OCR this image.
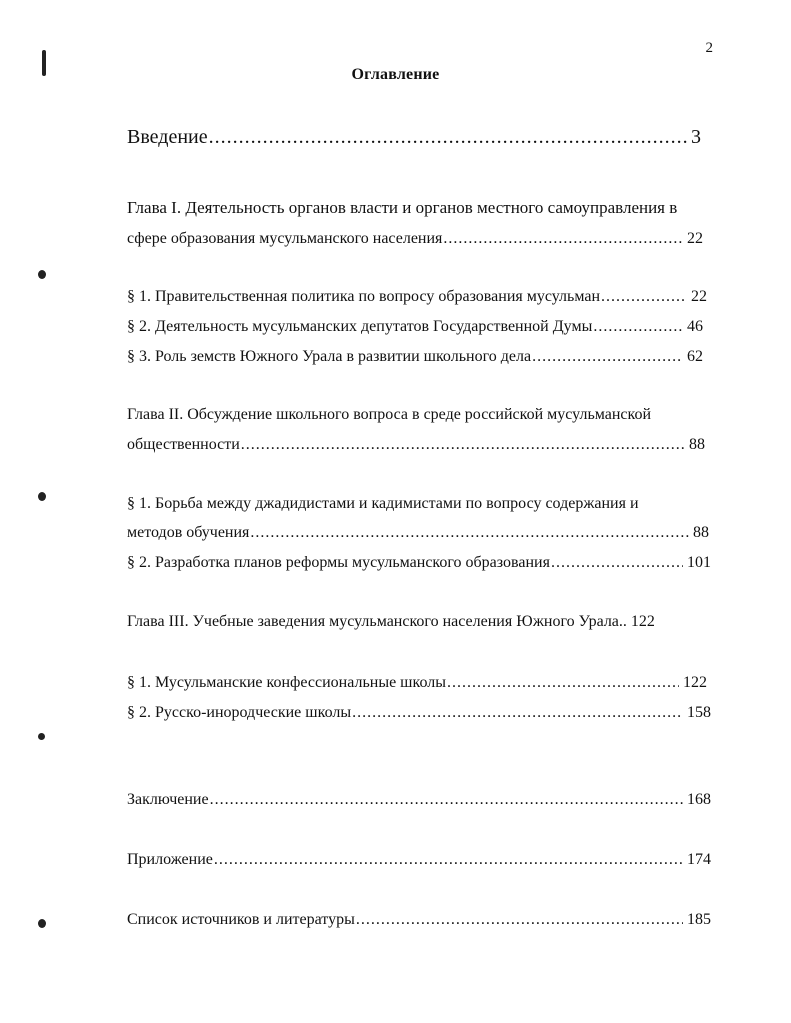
2
Оглавление
Введение .....	3
Глава I. Деятельность органов власти и органов местного самоуправления в
сфере образования мусульманского населения .....	22
§ 1. Правительственная политика по вопросу образования мусульман .....	22
§ 2. Деятельность мусульманских депутатов Государственной Думы .....	46
§ 3. Роль земств Южного Урала в развитии школьного дела .....	62
Глава II. Обсуждение школьного вопроса в среде российской мусульманской
общественности .....	88
§ 1. Борьба между джадидистами и кадимистами по вопросу содержания и
методов обучения .....	88
§ 2. Разработка планов реформы мусульманского образования .....	101
Глава III. Учебные заведения мусульманского населения Южного Урала.. 122
§ 1. Мусульманские конфессиональные школы .....	122
§ 2. Русско-инородческие школы .....	158
Заключение .....	168
Приложение .....	174
Список источников и литературы .....	185
